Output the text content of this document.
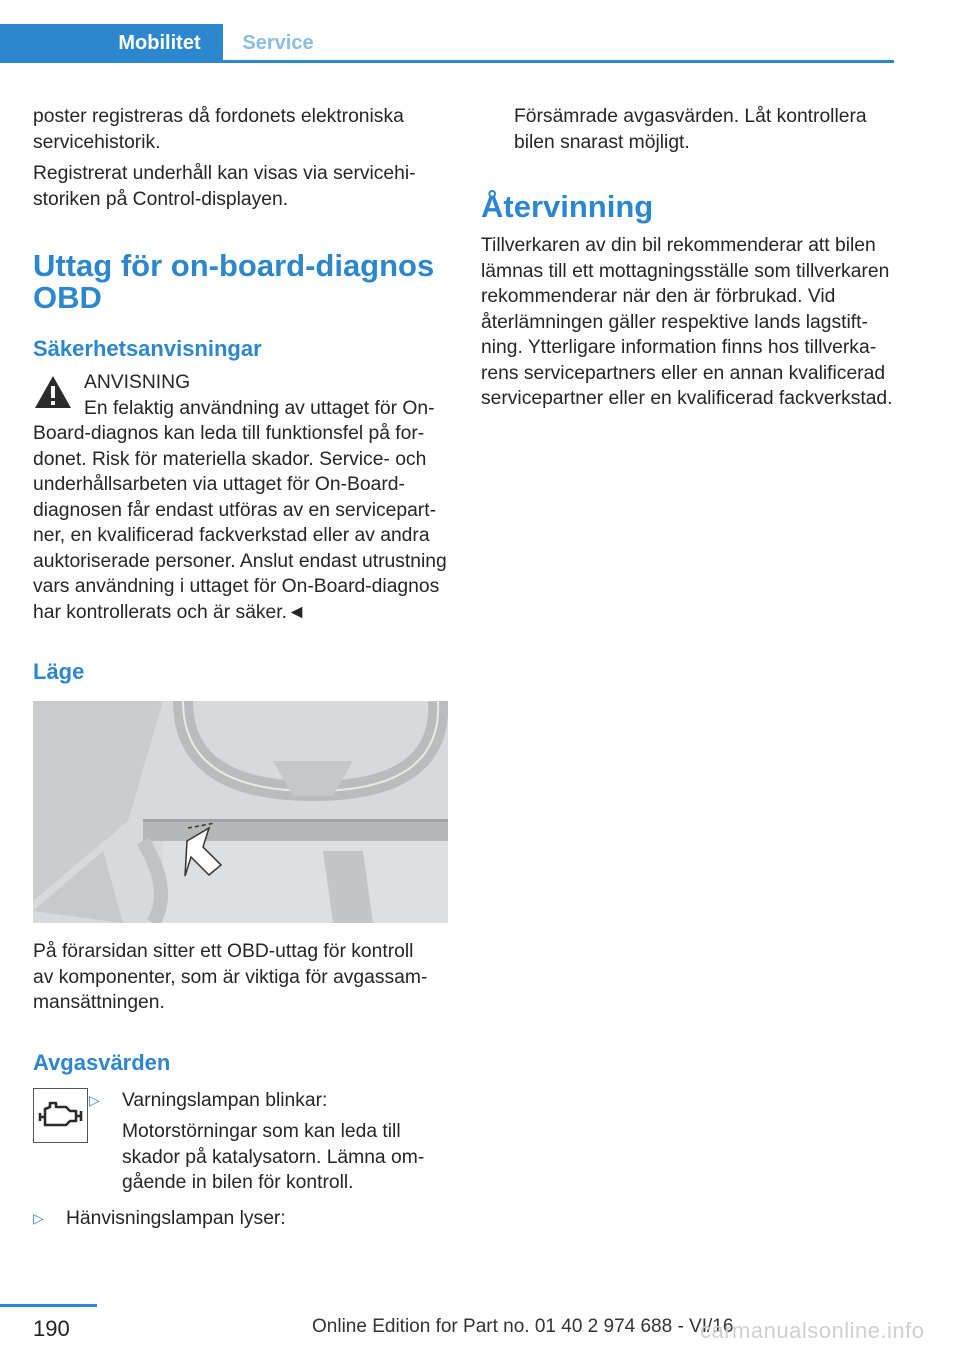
Mobilitet	Service

poster registreras då fordonets elektroniska servicehistorik.

Registrerat underhåll kan visas via servicehistoriken på Control-displayen.

Uttag för on-board-diagnos OBD
Säkerhetsanvisningar
ANVISNING
En felaktig användning av uttaget för On-

Board-diagnos kan leda till funktionsfel på fordonet. Risk för materiella skador. Service- och underhållsarbeten via uttaget för On-Board-diagnosen får endast utföras av en servicepartner, en kvalificerad fackverkstad eller av andra auktoriserade personer. Anslut endast utrustning vars användning i uttaget för On-Board-diagnos har kontrollerats och är säker.◄

Läge

På förarsidan sitter ett OBD-uttag för kontroll av komponenter, som är viktiga för avgassammansättningen.

Avgasvärden
▷ Varningslampan blinkar:
Motorstörningar som kan leda till skador på katalysatorn. Lämna omgående in bilen för kontroll.
▷ Hänvisningslampan lyser:

Försämrade avgasvärden. Låt kontrollera bilen snarast möjligt.

Återvinning

Tillverkaren av din bil rekommenderar att bilen lämnas till ett mottagningsställe som tillverkaren rekommenderar när den är förbrukad. Vid återlämningen gäller respektive lands lagstiftning. Ytterligare information finns hos tillverkarens servicepartners eller en annan kvalificerad servicepartner eller en kvalificerad fackverkstad.

190	Online Edition for Part no. 01 40 2 974 688 - VI/16
carmanualsonline.info
